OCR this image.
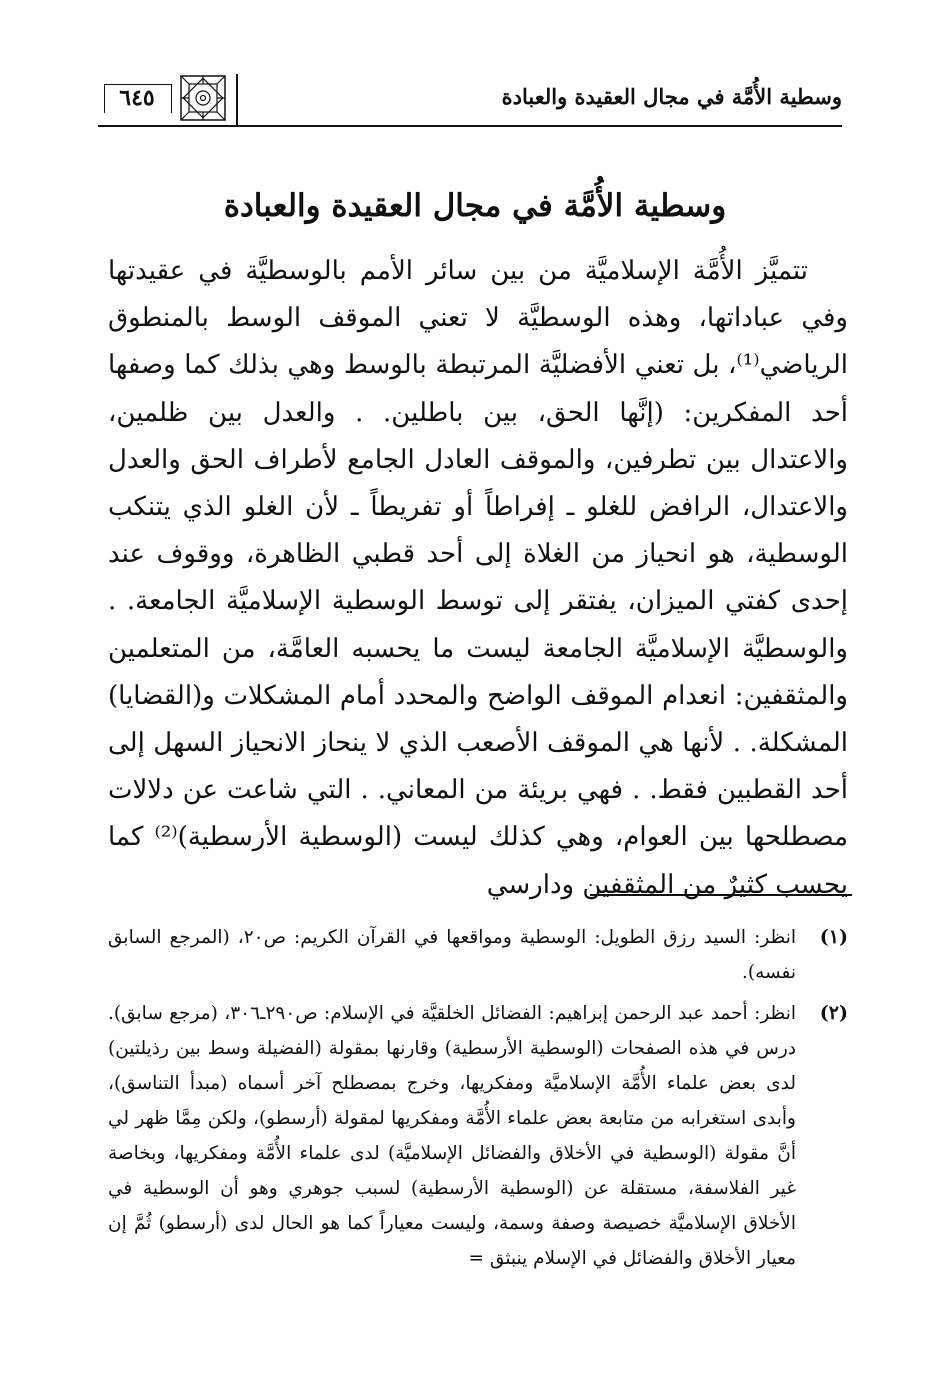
وسطية الأُمَّة في مجال العقيدة والعبادة
٦٤٥
وسطية الأُمَّة في مجال العقيدة والعبادة

تتميَّز الأُمَّة الإسلاميَّة من بين سائر الأمم بالوسطيَّة في عقيدتها وفي عباداتها، وهذه الوسطيَّة لا تعني الموقف الوسط بالمنطوق الرياضي⁽¹⁾، بل تعني الأفضليَّة المرتبطة بالوسط وهي بذلك كما وصفها أحد المفكرين: (إنَّها الحق، بين باطلين. . والعدل بين ظلمين، والاعتدال بين تطرفين، والموقف العادل الجامع لأطراف الحق والعدل والاعتدال، الرافض للغلو ـ إفراطاً أو تفريطاً ـ لأن الغلو الذي يتنكب الوسطية، هو انحياز من الغلاة إلى أحد قطبي الظاهرة، ووقوف عند إحدى كفتي الميزان، يفتقر إلى توسط الوسطية الإسلاميَّة الجامعة. . والوسطيَّة الإسلاميَّة الجامعة ليست ما يحسبه العامَّة، من المتعلمين والمثقفين: انعدام الموقف الواضح والمحدد أمام المشكلات و(القضايا) المشكلة. . لأنها هي الموقف الأصعب الذي لا ينحاز الانحياز السهل إلى أحد القطبين فقط. . فهي بريئة من المعاني. . التي شاعت عن دلالات مصطلحها بين العوام، وهي كذلك ليست (الوسطية الأرسطية)⁽²⁾ كما يحسب كثيرٌ من المثقفين ودارسي

(١)
انظر: السيد رزق الطويل: الوسطية ومواقعها في القرآن الكريم: ص٢٠، (المرجع السابق نفسه).
(٢)
انظر: أحمد عبد الرحمن إبراهيم: الفضائل الخلقيَّة في الإسلام: ص٢٩٠ـ٣٠٦، (مرجع سابق). درس في هذه الصفحات (الوسطية الأرسطية) وقارنها بمقولة (الفضيلة وسط بين رذيلتين) لدى بعض علماء الأُمَّة الإسلاميَّة ومفكريها، وخرج بمصطلح آخر أسماه (مبدأ التناسق)، وأبدى استغرابه من متابعة بعض علماء الأُمَّة ومفكريها لمقولة (أرسطو)، ولكن مِمَّا ظهر لي أنَّ مقولة (الوسطية في الأخلاق والفضائل الإسلاميَّة) لدى علماء الأُمَّة ومفكريها، وبخاصة غير الفلاسفة، مستقلة عن (الوسطية الأرسطية) لسبب جوهري وهو أن الوسطية في الأخلاق الإسلاميَّة خصيصة وصفة وسمة، وليست معياراً كما هو الحال لدى (أرسطو) ثُمَّ إن معيار الأخلاق والفضائل في الإسلام ينبثق =
